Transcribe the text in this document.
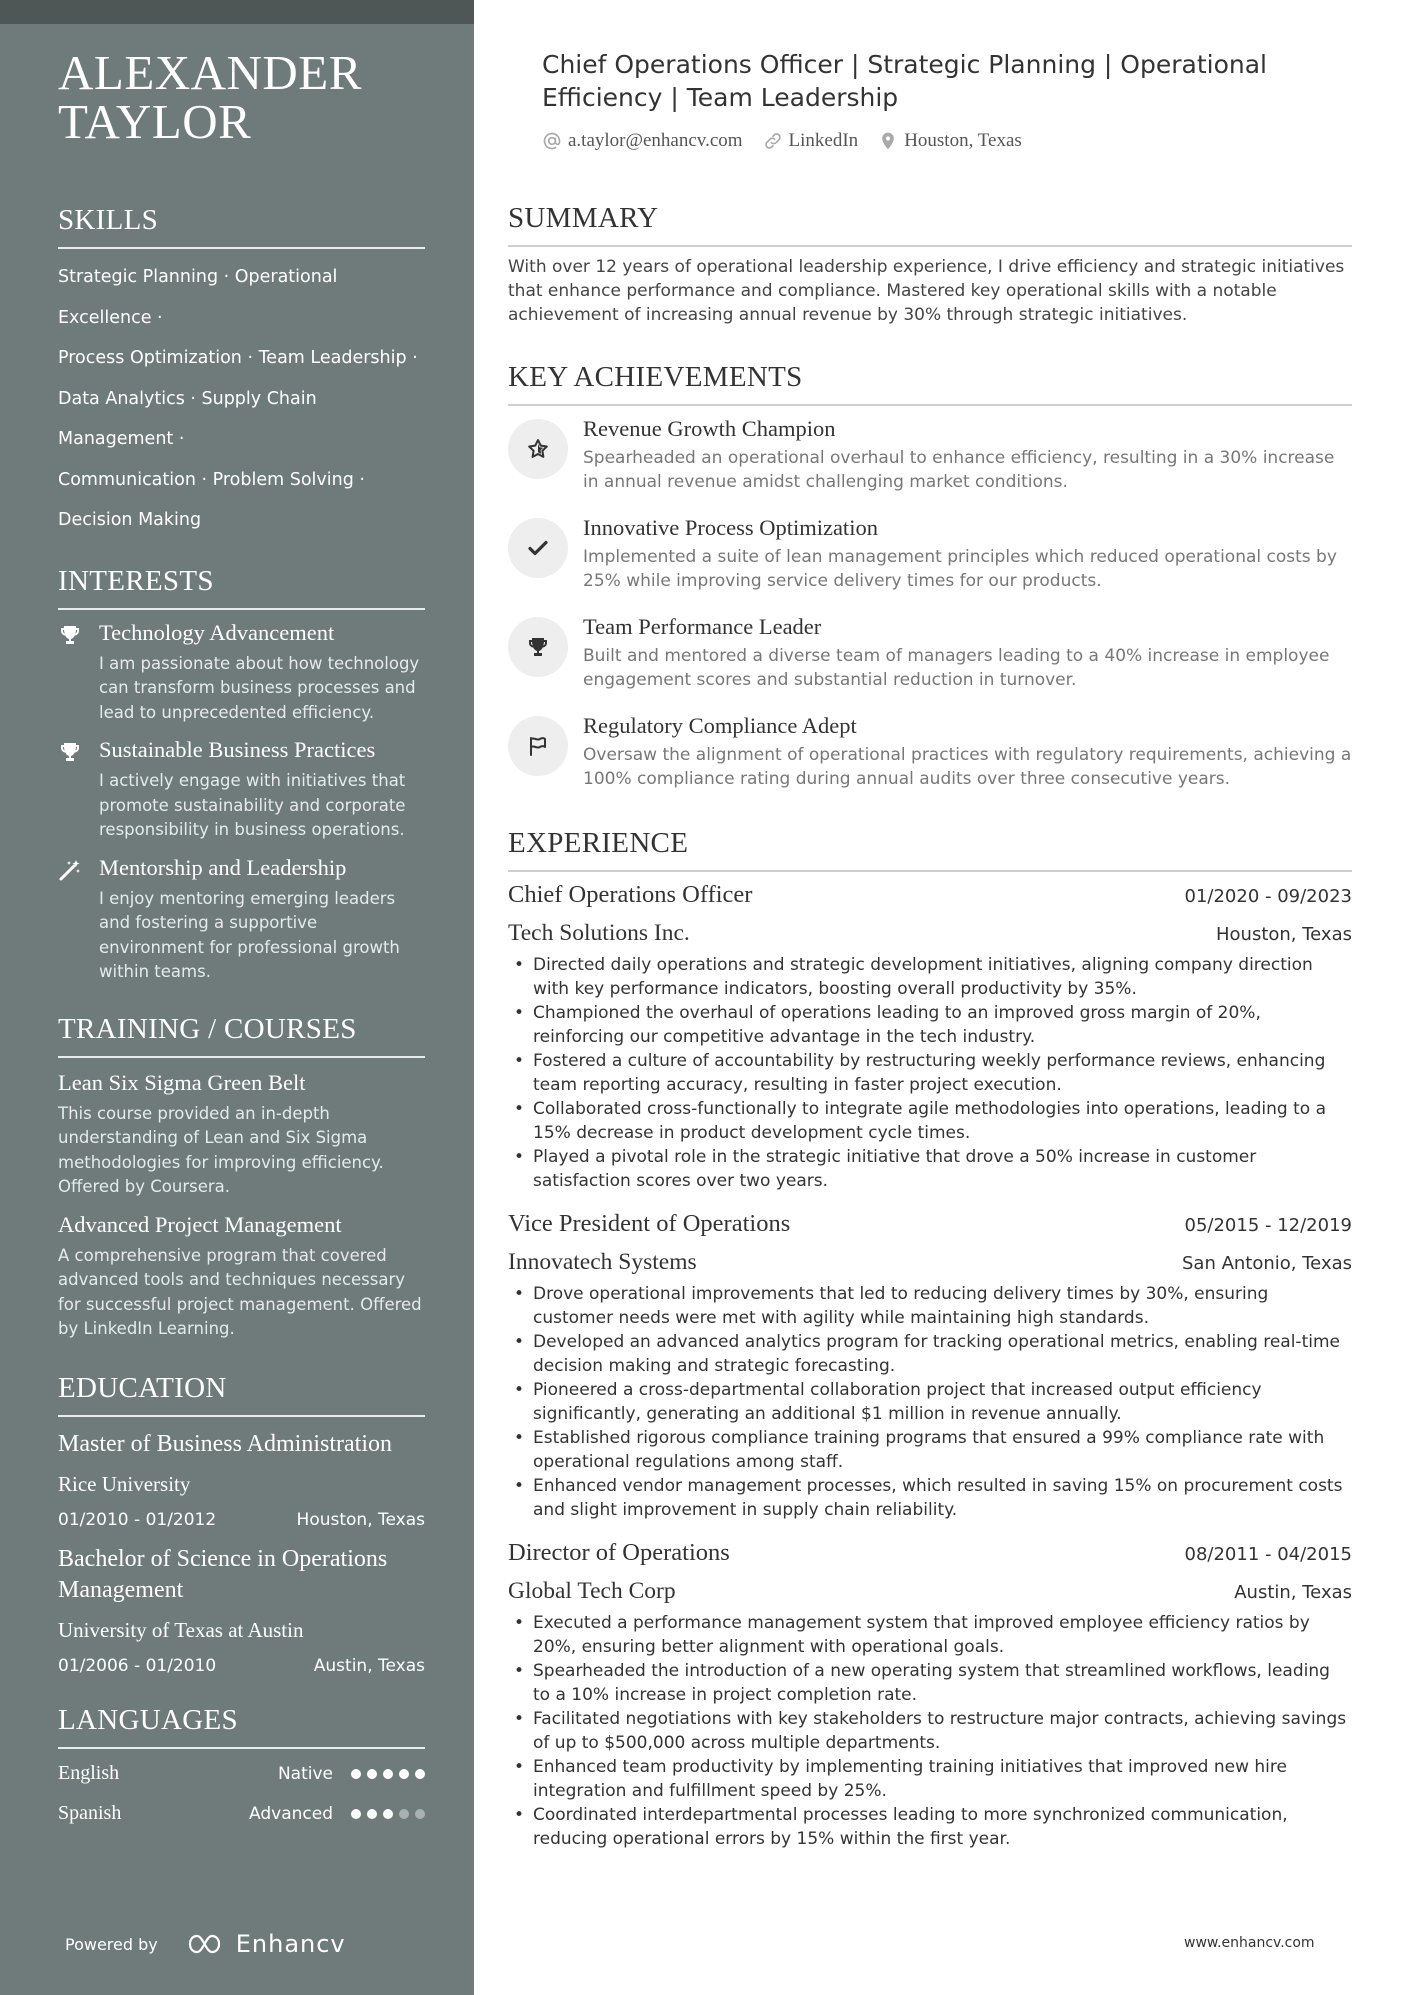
ALEXANDER TAYLOR
SKILLS
Strategic Planning · Operational Excellence ·
Process Optimization · Team Leadership ·
Data Analytics · Supply Chain Management ·
Communication · Problem Solving ·
Decision Making
INTERESTS
Technology Advancement
I am passionate about how technology can transform business processes and lead to unprecedented efficiency.
Sustainable Business Practices
I actively engage with initiatives that promote sustainability and corporate responsibility in business operations.
Mentorship and Leadership
I enjoy mentoring emerging leaders and fostering a supportive environment for professional growth within teams.
TRAINING / COURSES
Lean Six Sigma Green Belt
This course provided an in-depth understanding of Lean and Six Sigma methodologies for improving efficiency. Offered by Coursera.
Advanced Project Management
A comprehensive program that covered advanced tools and techniques necessary for successful project management. Offered by LinkedIn Learning.
EDUCATION
Master of Business Administration
Rice University
01/2010 - 01/2012	Houston, Texas
Bachelor of Science in Operations Management
University of Texas at Austin
01/2006 - 01/2010	Austin, Texas
LANGUAGES
English	Native
Spanish	Advanced
Powered by	Enhancv
Chief Operations Officer | Strategic Planning | Operational Efficiency | Team Leadership
a.taylor@enhancv.com LinkedIn Houston, Texas
SUMMARY

With over 12 years of operational leadership experience, I drive efficiency and strategic initiatives that enhance performance and compliance. Mastered key operational skills with a notable achievement of increasing annual revenue by 30% through strategic initiatives.

KEY ACHIEVEMENTS
Revenue Growth Champion
Spearheaded an operational overhaul to enhance efficiency, resulting in a 30% increase in annual revenue amidst challenging market conditions.
Innovative Process Optimization
Implemented a suite of lean management principles which reduced operational costs by 25% while improving service delivery times for our products.
Team Performance Leader
Built and mentored a diverse team of managers leading to a 40% increase in employee engagement scores and substantial reduction in turnover.
Regulatory Compliance Adept
Oversaw the alignment of operational practices with regulatory requirements, achieving a 100% compliance rating during annual audits over three consecutive years.
EXPERIENCE
Chief Operations Officer	01/2020 - 09/2023
Tech Solutions Inc.	Houston, Texas
• Directed daily operations and strategic development initiatives, aligning company direction with key performance indicators, boosting overall productivity by 35%.
• Championed the overhaul of operations leading to an improved gross margin of 20%, reinforcing our competitive advantage in the tech industry.
• Fostered a culture of accountability by restructuring weekly performance reviews, enhancing team reporting accuracy, resulting in faster project execution.
• Collaborated cross-functionally to integrate agile methodologies into operations, leading to a 15% decrease in product development cycle times.
• Played a pivotal role in the strategic initiative that drove a 50% increase in customer satisfaction scores over two years.
Vice President of Operations	05/2015 - 12/2019
Innovatech Systems	San Antonio, Texas
• Drove operational improvements that led to reducing delivery times by 30%, ensuring customer needs were met with agility while maintaining high standards.
• Developed an advanced analytics program for tracking operational metrics, enabling real-time decision making and strategic forecasting.
• Pioneered a cross-departmental collaboration project that increased output efficiency significantly, generating an additional $1 million in revenue annually.
• Established rigorous compliance training programs that ensured a 99% compliance rate with operational regulations among staff.
• Enhanced vendor management processes, which resulted in saving 15% on procurement costs and slight improvement in supply chain reliability.
Director of Operations	08/2011 - 04/2015
Global Tech Corp	Austin, Texas
• Executed a performance management system that improved employee efficiency ratios by 20%, ensuring better alignment with operational goals.
• Spearheaded the introduction of a new operating system that streamlined workflows, leading to a 10% increase in project completion rate.
• Facilitated negotiations with key stakeholders to restructure major contracts, achieving savings of up to $500,000 across multiple departments.
• Enhanced team productivity by implementing training initiatives that improved new hire integration and fulfillment speed by 25%.
• Coordinated interdepartmental processes leading to more synchronized communication, reducing operational errors by 15% within the first year.
www.enhancv.com
